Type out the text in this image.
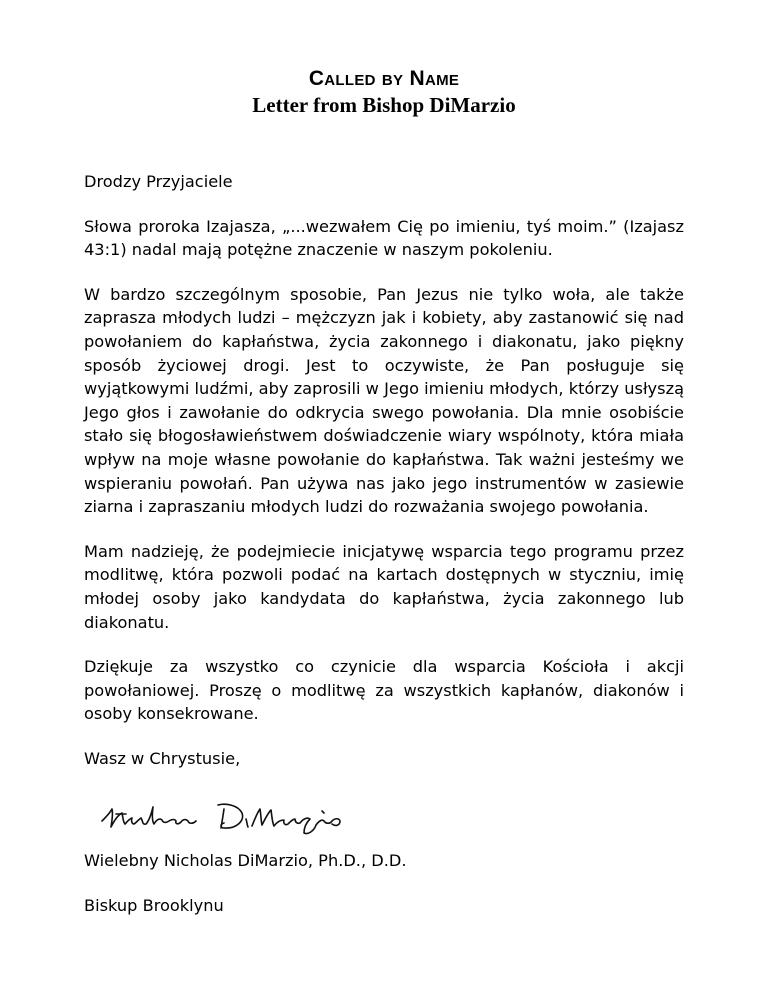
Called by Name
Letter from Bishop DiMarzio

Drodzy Przyjaciele

Słowa proroka Izajasza, „...wezwałem Cię po imieniu, tyś moim.” (Izajasz 43:1) nadal mają potężne znaczenie w naszym pokoleniu.

W bardzo szczególnym sposobie, Pan Jezus nie tylko woła, ale także zaprasza młodych ludzi – mężczyzn jak i kobiety, aby zastanowić się nad powołaniem do kapłaństwa, życia zakonnego i diakonatu, jako piękny sposób życiowej drogi. Jest to oczywiste, że Pan posługuje się wyjątkowymi ludźmi, aby zaprosili w Jego imieniu młodych, którzy usłyszą Jego głos i zawołanie do odkrycia swego powołania. Dla mnie osobiście stało się błogosławieństwem doświadczenie wiary wspólnoty, która miała wpływ na moje własne powołanie do kapłaństwa. Tak ważni jesteśmy we wspieraniu powołań. Pan używa nas jako jego instrumentów w zasiewie ziarna i zapraszaniu młodych ludzi do rozważania swojego powołania.

Mam nadzieję, że podejmiecie inicjatywę wsparcia tego programu przez modlitwę, która pozwoli podać na kartach dostępnych w styczniu, imię młodej osoby jako kandydata do kapłaństwa, życia zakonnego lub diakonatu.

Dziękuje za wszystko co czynicie dla wsparcia Kościoła i akcji powołaniowej. Proszę o modlitwę za wszystkich kapłanów, diakonów i osoby konsekrowane.

Wasz w Chrystusie,

Wielebny Nicholas DiMarzio, Ph.D., D.D.

Biskup Brooklynu
